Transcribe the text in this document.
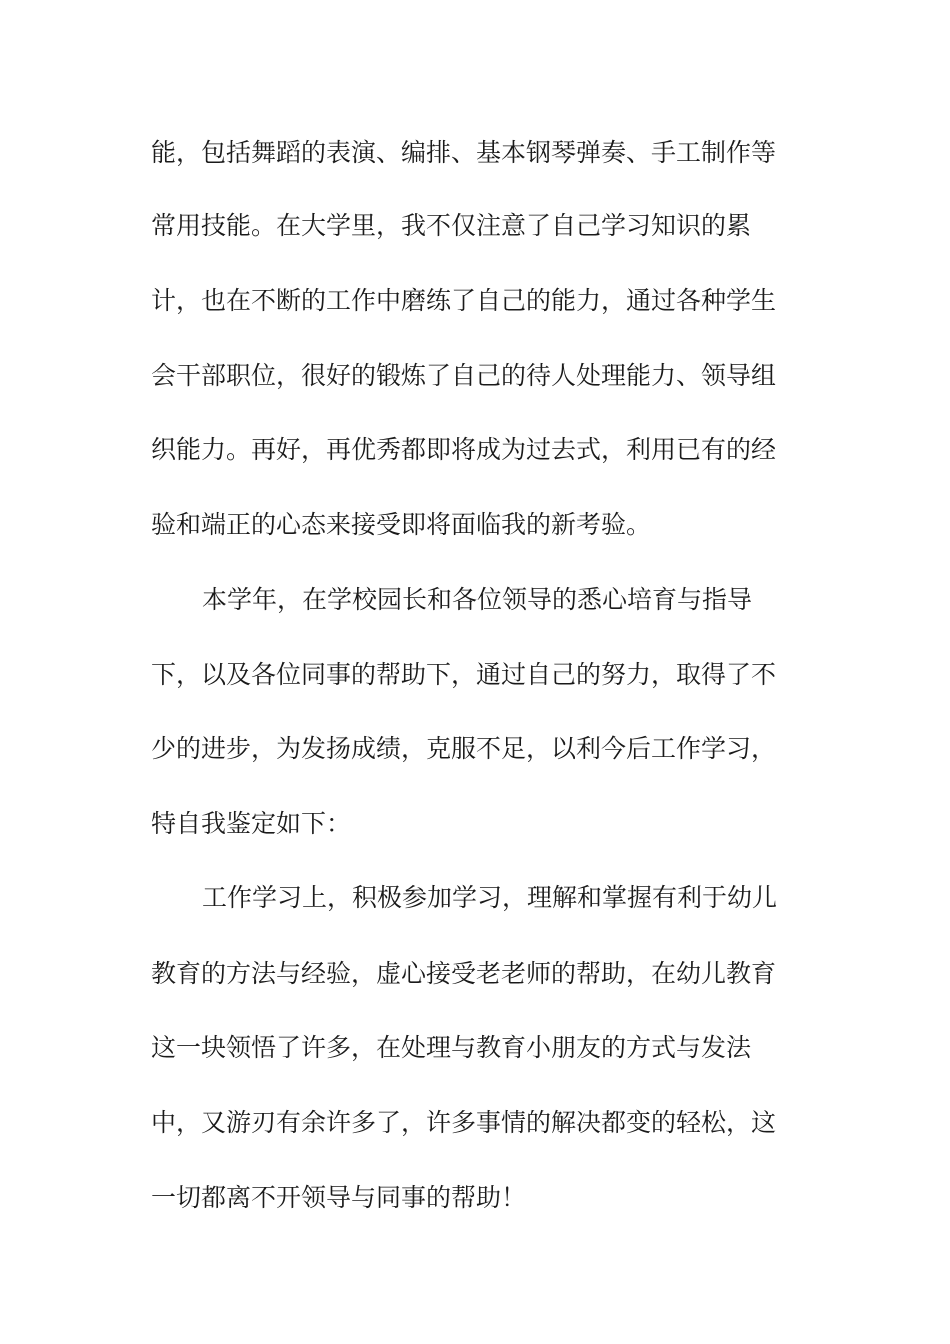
能，包括舞蹈的表演、编排、基本钢琴弹奏、手工制作等
常用技能。在大学里，我不仅注意了自己学习知识的累
计，也在不断的工作中磨练了自己的能力，通过各种学生
会干部职位，很好的锻炼了自己的待人处理能力、领导组
织能力。再好，再优秀都即将成为过去式，利用已有的经
验和端正的心态来接受即将面临我的新考验。
本学年，在学校园长和各位领导的悉心培育与指导
下，以及各位同事的帮助下，通过自己的努力，取得了不
少的进步，为发扬成绩，克服不足，以利今后工作学习，
特自我鉴定如下：
工作学习上，积极参加学习，理解和掌握有利于幼儿
教育的方法与经验，虚心接受老老师的帮助，在幼儿教育
这一块领悟了许多，在处理与教育小朋友的方式与发法
中，又游刃有余许多了，许多事情的解决都变的轻松，这
一切都离不开领导与同事的帮助！
